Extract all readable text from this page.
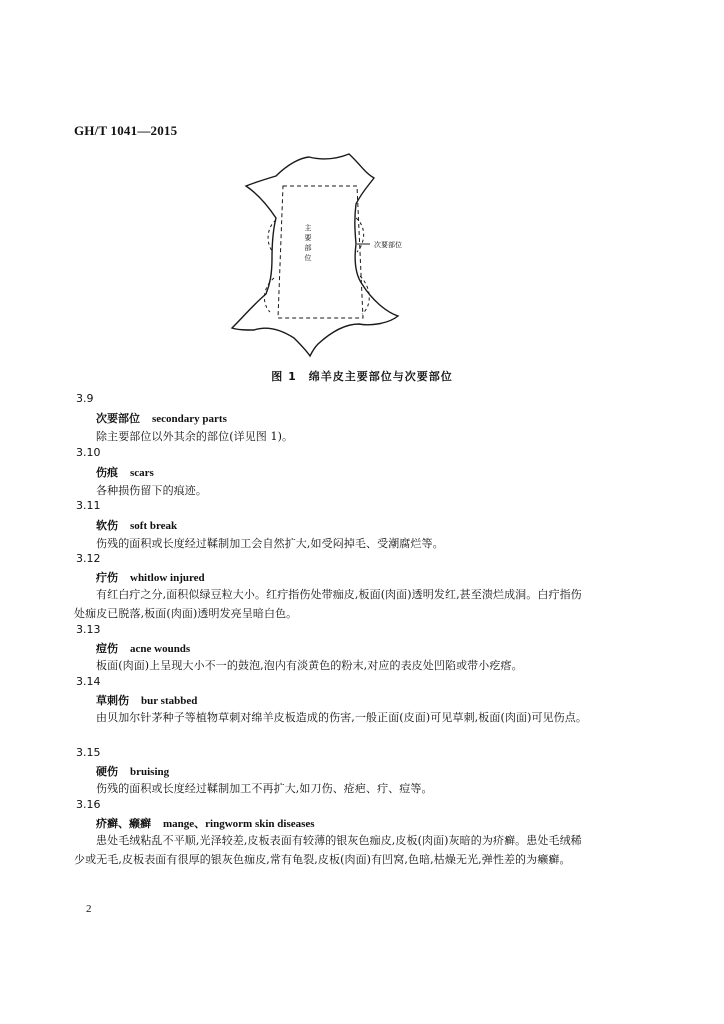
GH/T 1041—2015
主
要
部
位
次要部位
图 1　绵羊皮主要部位与次要部位
3.9
次要部位 secondary parts
除主要部位以外其余的部位(详见图 1)。
3.10
伤痕 scars
各种损伤留下的痕迹。
3.11
软伤 soft break
伤残的面积或长度经过鞣制加工会自然扩大,如受闷掉毛、受潮腐烂等。
3.12
疔伤 whitlow injured
有红白疔之分,面积似绿豆粒大小。红疔指伤处带痂皮,板面(肉面)透明发红,甚至溃烂成洞。白疔指伤处痂皮已脱落,板面(肉面)透明发亮呈暗白色。
3.13
痘伤 acne wounds
板面(肉面)上呈现大小不一的鼓泡,泡内有淡黄色的粉末,对应的表皮处凹陷或带小疙瘩。
3.14
草刺伤 bur stabbed
由贝加尔针茅种子等植物草刺对绵羊皮板造成的伤害,一般正面(皮面)可见草刺,板面(肉面)可见伤点。
3.15
硬伤 bruising
伤残的面积或长度经过鞣制加工不再扩大,如刀伤、疮疤、疔、痘等。
3.16
疥癣、癞癣 mange、ringworm skin diseases
患处毛绒粘乱不平顺,光泽较差,皮板表面有较薄的银灰色痂皮,皮板(肉面)灰暗的为疥癣。患处毛绒稀少或无毛,皮板表面有很厚的银灰色痂皮,常有龟裂,皮板(肉面)有凹窝,色暗,枯燥无光,弹性差的为癞癣。
2
